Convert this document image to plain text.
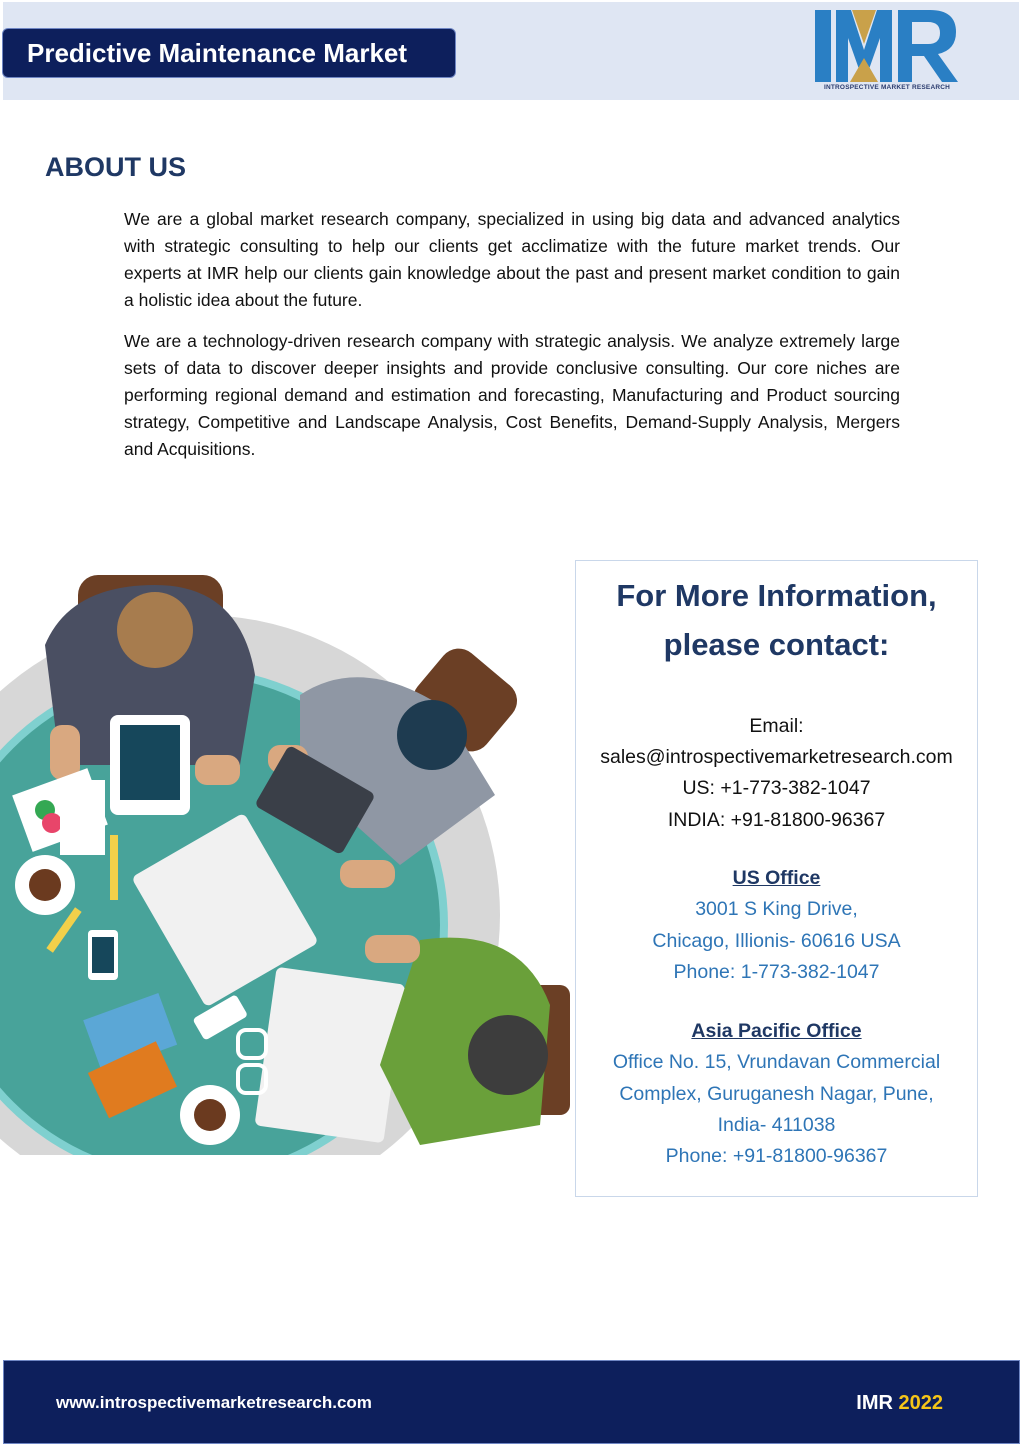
Predictive Maintenance Market
INTROSPECTIVE MARKET RESEARCH
ABOUT US

We are a global market research company, specialized in using big data and advanced analytics with strategic consulting to help our clients get acclimatize with the future market trends. Our experts at IMR help our clients gain knowledge about the past and present market condition to gain a holistic idea about the future.

We are a technology-driven research company with strategic analysis. We analyze extremely large sets of data to discover deeper insights and provide conclusive consulting. Our core niches are performing regional demand and estimation and forecasting, Manufacturing and Product sourcing strategy, Competitive and Landscape Analysis, Cost Benefits, Demand-Supply Analysis, Mergers and Acquisitions.

For More Information,
please contact:
Email:
sales@introspectivemarketresearch.com
US: +1-773-382-1047
INDIA: +91-81800-96367
US Office
3001 S King Drive,
Chicago, Illionis- 60616 USA
Phone: 1-773-382-1047
Asia Pacific Office
Office No. 15, Vrundavan Commercial
Complex, Guruganesh Nagar, Pune,
India- 411038
Phone: +91-81800-96367
www.introspectivemarketresearch.com	IMR 2022
